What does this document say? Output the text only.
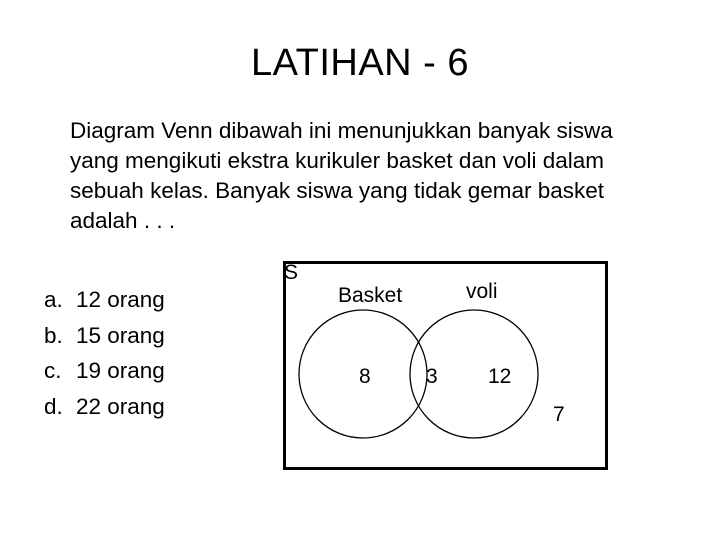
LATIHAN - 6

Diagram Venn dibawah ini menunjukkan banyak siswa yang mengikuti ekstra kurikuler basket dan voli dalam sebuah kelas. Banyak siswa yang tidak gemar basket adalah . . .

a. 12 orang
b. 15 orang
c. 19 orang
d. 22 orang
S
Basket	voli
8	3 12
7
